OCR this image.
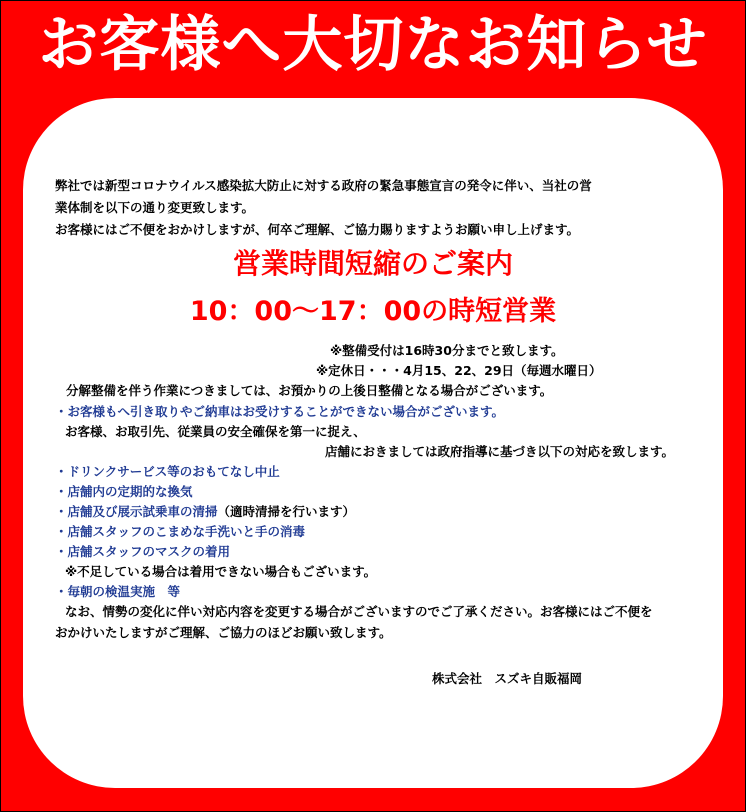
お客様へ大切なお知らせ
弊社では新型コロナウイルス感染拡大防止に対する政府の緊急事態宣言の発令に伴い、当社の営
業体制を以下の通り変更致します。
お客様にはご不便をおかけしますが、何卒ご理解、ご協力賜りますようお願い申し上げます。
営業時間短縮のご案内
10：00〜17：00の時短営業
※整備受付は16時30分までと致します。
※定休日・・・4月15、22、29日（毎週水曜日）
分解整備を伴う作業につきましては、お預かりの上後日整備となる場合がございます。
・お客様もへ引き取りやご納車はお受けすることができない場合がございます。
お客様、お取引先、従業員の安全確保を第一に捉え、
店舗におきましては政府指導に基づき以下の対応を致します。
・ドリンクサービス等のおもてなし中止
・店舗内の定期的な換気
・店舗及び展示試乗車の清掃（適時清掃を行います）
・店舗スタッフのこまめな手洗いと手の消毒
・店舗スタッフのマスクの着用
※不足している場合は着用できない場合もございます。
・毎朝の検温実施　等
なお、情勢の変化に伴い対応内容を変更する場合がございますのでご了承ください。お客様にはご不便を
おかけいたしますがご理解、ご協力のほどお願い致します。
株式会社　スズキ自販福岡
